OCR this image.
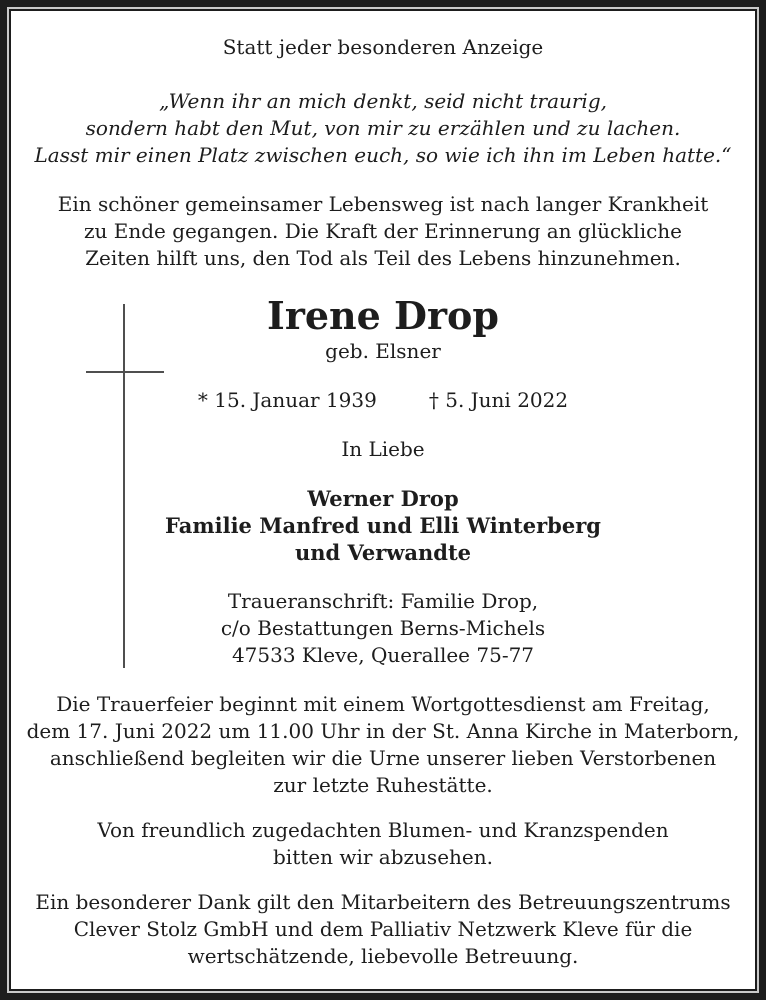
Statt jeder besonderen Anzeige
„Wenn ihr an mich denkt, seid nicht traurig,
sondern habt den Mut, von mir zu erzählen und zu lachen.
Lasst mir einen Platz zwischen euch, so wie ich ihn im Leben hatte.“
Ein schöner gemeinsamer Lebensweg ist nach langer Krankheit
zu Ende gegangen. Die Kraft der Erinnerung an glückliche
Zeiten hilft uns, den Tod als Teil des Lebens hinzunehmen.
Irene Drop
geb. Elsner
* 15. Januar 1939	† 5. Juni 2022
In Liebe
Werner Drop
Familie Manfred und Elli Winterberg
und Verwandte
Traueranschrift: Familie Drop,
c/o Bestattungen Berns-Michels
47533 Kleve, Querallee 75-77
Die Trauerfeier beginnt mit einem Wortgottesdienst am Freitag,
dem 17. Juni 2022 um 11.00 Uhr in der St. Anna Kirche in Materborn,
anschließend begleiten wir die Urne unserer lieben Verstorbenen
zur letzte Ruhestätte.
Von freundlich zugedachten Blumen- und Kranzspenden
bitten wir abzusehen.
Ein besonderer Dank gilt den Mitarbeitern des Betreuungszentrums
Clever Stolz GmbH und dem Palliativ Netzwerk Kleve für die
wertschätzende, liebevolle Betreuung.
